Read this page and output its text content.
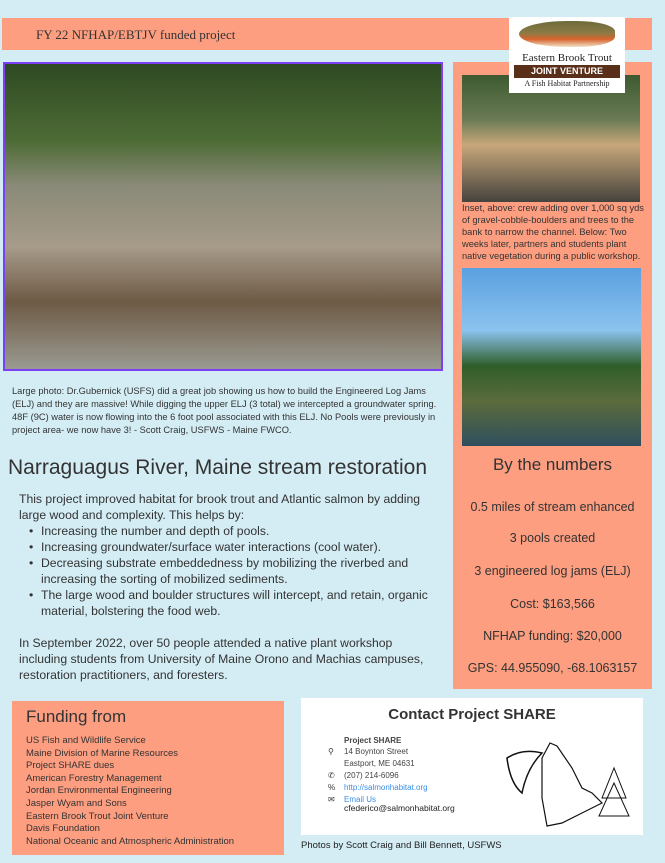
FY 22 NFHAP/EBTJV funded project
Large photo: Dr.Gubernick (USFS) did a great job showing us how to build the Engineered Log Jams (ELJ) and they are massive! While digging the upper ELJ (3 total) we intercepted a groundwater spring. 48F (9C) water is now flowing into the 6 foot pool associated with this ELJ. No Pools were previously in project area- we now have 3! - Scott Craig, USFWS - Maine FWCO.
Inset, above: crew adding over 1,000 sq yds of gravel-cobble-boulders and trees to the bank to narrow the channel. Below: Two weeks later, partners and students plant native vegetation during a public workshop.
Eastern Brook Trout
JOINT VENTURE
A Fish Habitat Partnership
By the numbers
0.5 miles of stream enhanced
3 pools created
3 engineered log jams (ELJ)
Cost: $163,566
NFHAP funding: $20,000
GPS: 44.955090, -68.1063157
Narraguagus River, Maine stream restoration

This project improved habitat for brook trout and Atlantic salmon by adding large wood and complexity. This helps by:

• Increasing the number and depth of pools.
• Increasing groundwater/surface water interactions (cool water).
• Decreasing substrate embeddedness by mobilizing the riverbed and increasing the sorting of mobilized sediments.
• The large wood and boulder structures will intercept, and retain, organic material, bolstering the food web.

In September 2022, over 50 people attended a native plant workshop including students from University of Maine Orono and Machias campuses, restoration practitioners, and foresters.

Funding from
US Fish and Wildlife Service
Maine Division of Marine Resources
Project SHARE dues
American Forestry Management
Jordan Environmental Engineering
Jasper Wyam and Sons
Eastern Brook Trout Joint Venture
Davis Foundation
National Oceanic and Atmospheric Administration
Contact Project SHARE
Project SHARE
⚲ 14 Boynton Street
Eastport, ME 04631
✆ (207) 214-6096
% http://salmonhabitat.org
✉ Email Us
cfederico@salmonhabitat.org
Photos by Scott Craig and Bill Bennett, USFWS
